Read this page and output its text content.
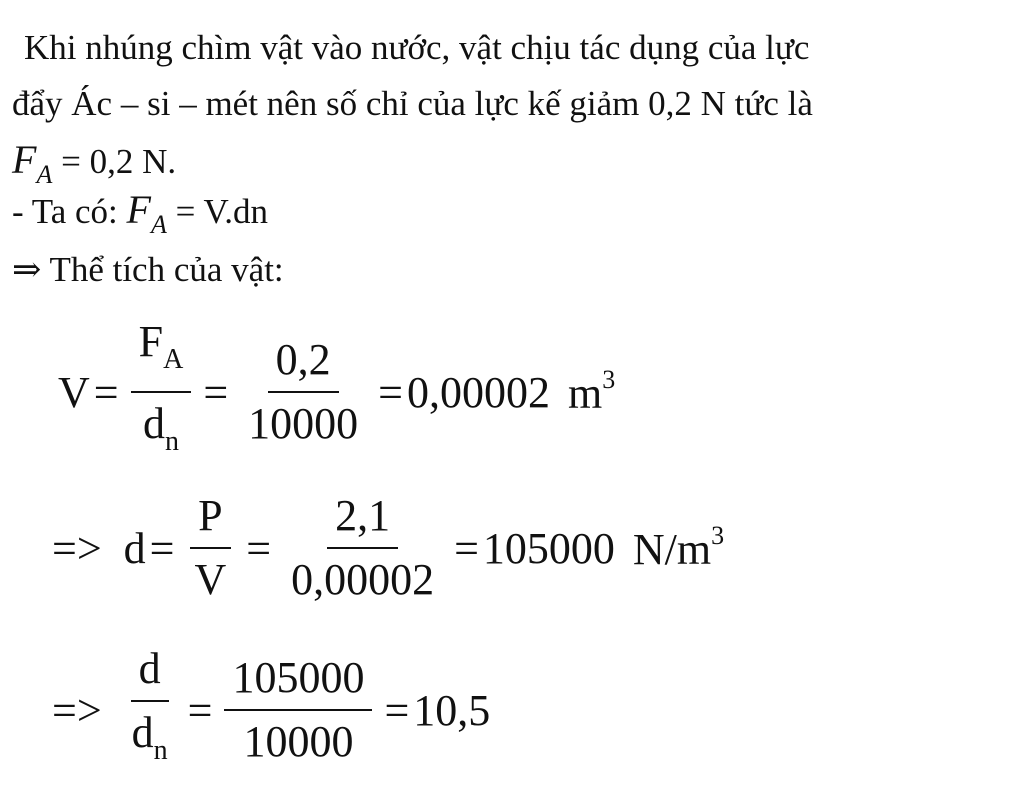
Khi nhúng chìm vật vào nước, vật chịu tác dụng của lực
đẩy Ác – si – mét nên số chỉ của lực kế giảm 0,2 N tức là
$F_A = 0,2$ N.
- Ta có: $F_A = V.dn$
⇒ Thể tích của vật:
$V = \frac{F_A}{d_n} = \frac{0,2}{10000} = 0,00002$ $m^3$
=> $d = \frac{P}{V} = \frac{2,1}{0,00002} = 105000$ $N/m^3$
=> $\frac{d}{d_n} = \frac{105000}{10000} = 10,5$
